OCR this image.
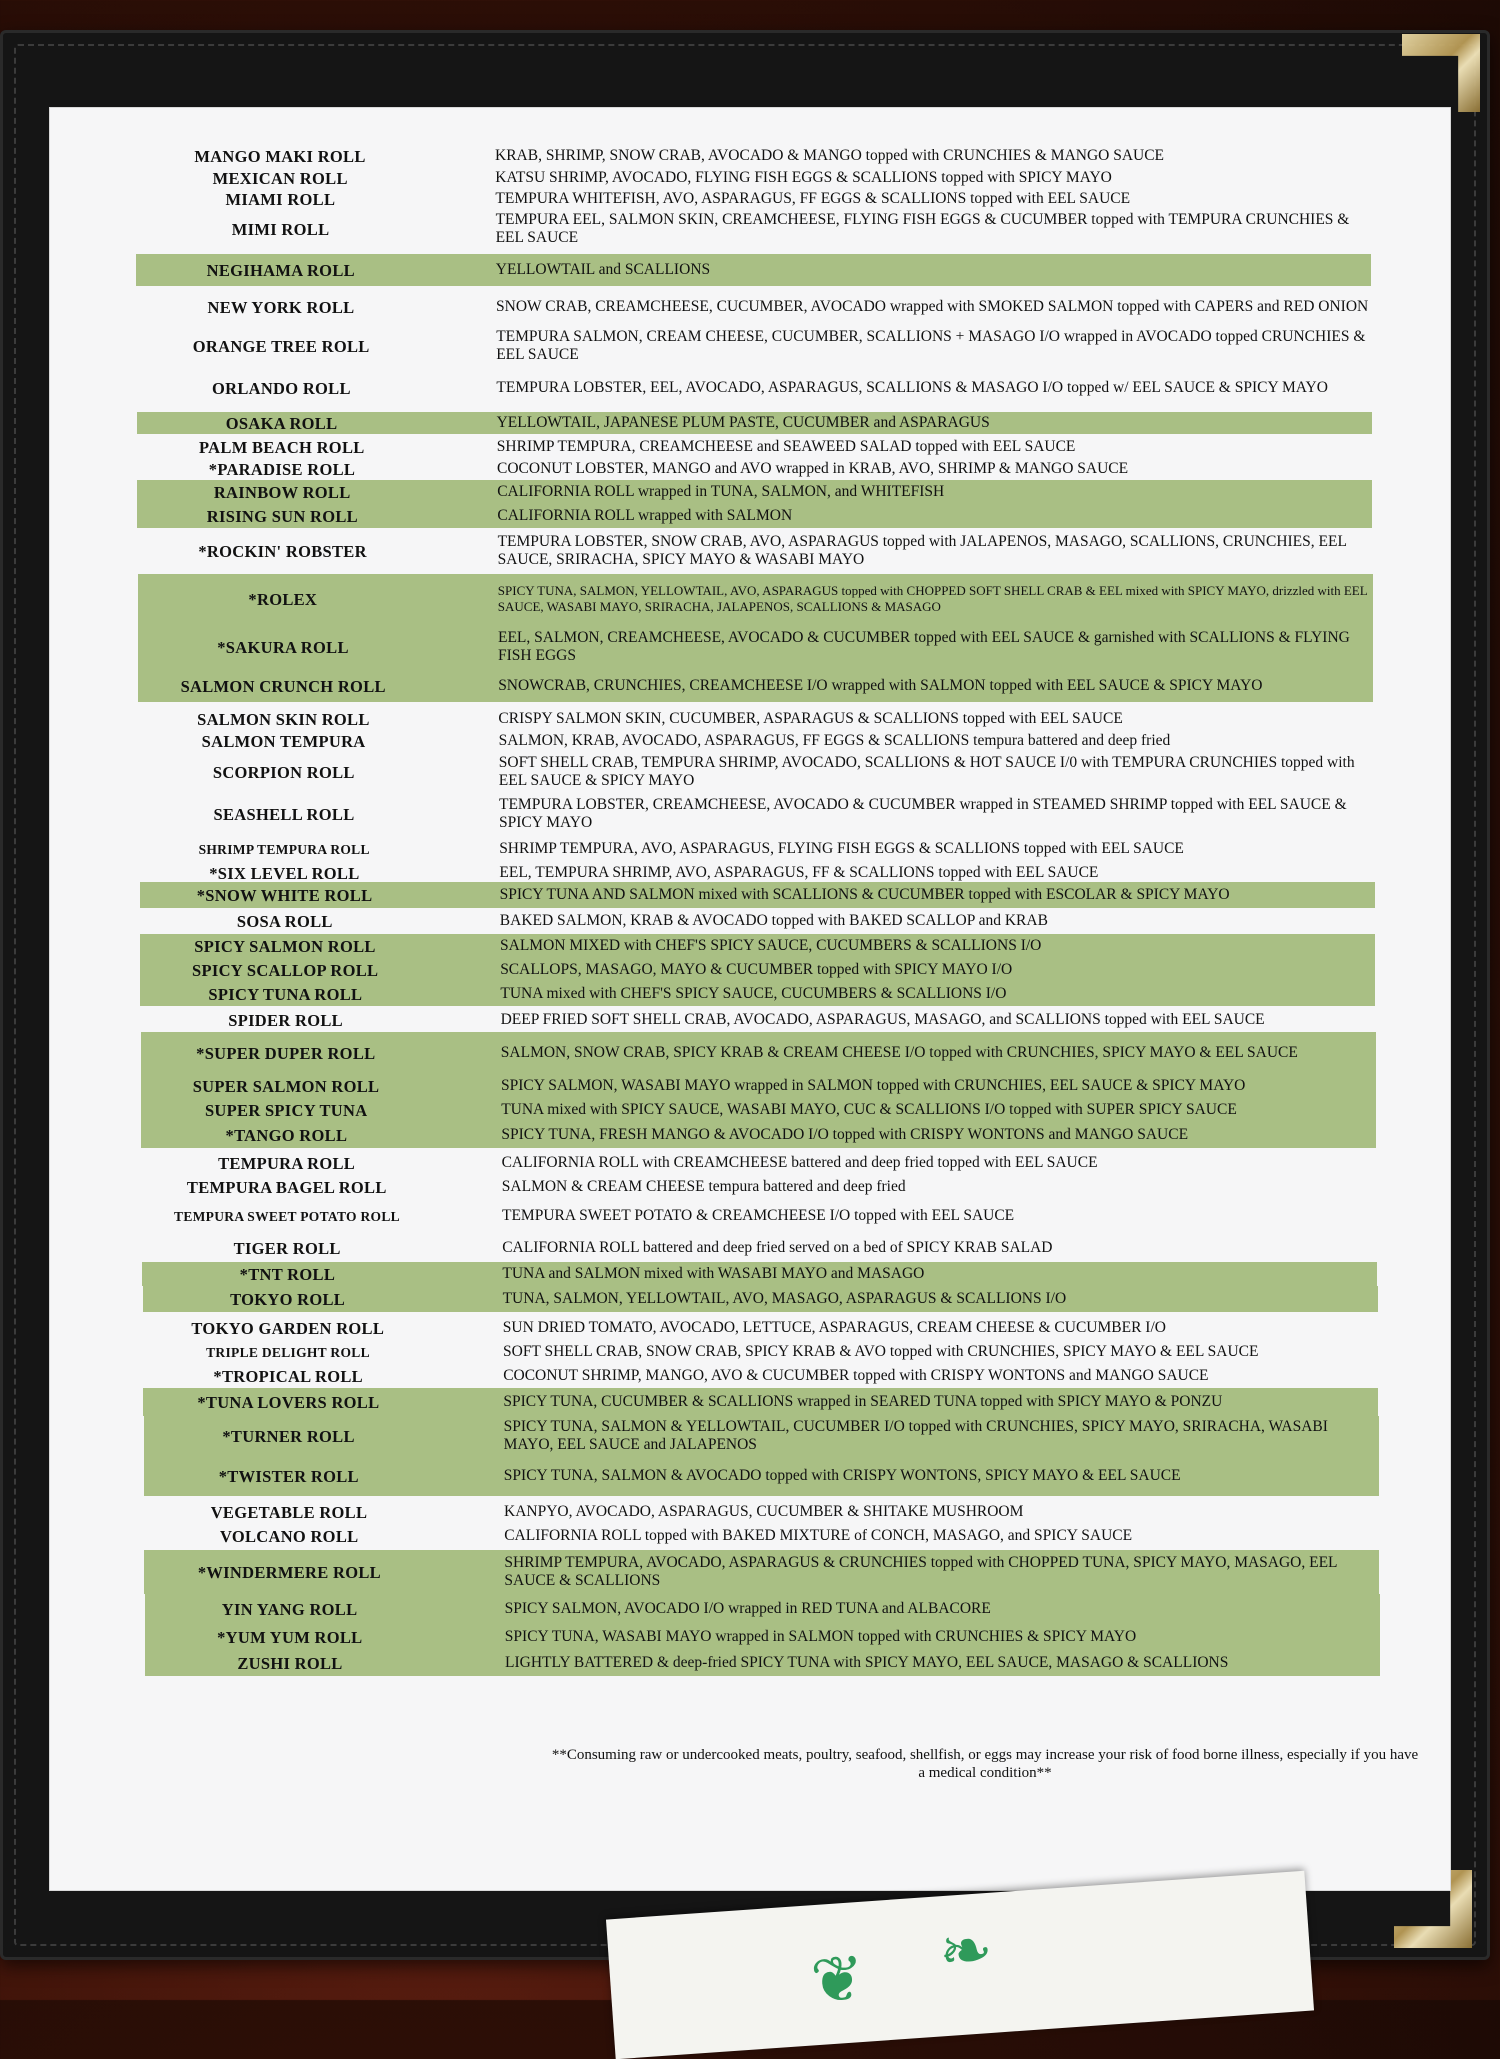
MANGO MAKI ROLL	KRAB, SHRIMP, SNOW CRAB, AVOCADO & MANGO topped with CRUNCHIES & MANGO SAUCE
MEXICAN ROLL	KATSU SHRIMP, AVOCADO, FLYING FISH EGGS & SCALLIONS topped with SPICY MAYO
MIAMI ROLL	TEMPURA WHITEFISH, AVO, ASPARAGUS, FF EGGS & SCALLIONS topped with EEL SAUCE
MIMI ROLL	TEMPURA EEL, SALMON SKIN, CREAMCHEESE, FLYING FISH EGGS & CUCUMBER topped with TEMPURA CRUNCHIES & EEL SAUCE
NEGIHAMA ROLL	YELLOWTAIL and SCALLIONS
NEW YORK ROLL	SNOW CRAB, CREAMCHEESE, CUCUMBER, AVOCADO wrapped with SMOKED SALMON topped with CAPERS and RED ONION
ORANGE TREE ROLL	TEMPURA SALMON, CREAM CHEESE, CUCUMBER, SCALLIONS + MASAGO I/O wrapped in AVOCADO topped CRUNCHIES & EEL SAUCE
ORLANDO ROLL	TEMPURA LOBSTER, EEL, AVOCADO, ASPARAGUS, SCALLIONS & MASAGO I/O topped w/ EEL SAUCE & SPICY MAYO
OSAKA ROLL	YELLOWTAIL, JAPANESE PLUM PASTE, CUCUMBER and ASPARAGUS
PALM BEACH ROLL	SHRIMP TEMPURA, CREAMCHEESE and SEAWEED SALAD topped with EEL SAUCE
*PARADISE ROLL	COCONUT LOBSTER, MANGO and AVO wrapped in KRAB, AVO, SHRIMP & MANGO SAUCE
RAINBOW ROLL	CALIFORNIA ROLL wrapped in TUNA, SALMON, and WHITEFISH
RISING SUN ROLL	CALIFORNIA ROLL wrapped with SALMON
*ROCKIN' ROBSTER	TEMPURA LOBSTER, SNOW CRAB, AVO, ASPARAGUS topped with JALAPENOS, MASAGO, SCALLIONS, CRUNCHIES, EEL SAUCE, SRIRACHA, SPICY MAYO & WASABI MAYO
*ROLEX	SPICY TUNA, SALMON, YELLOWTAIL, AVO, ASPARAGUS topped with CHOPPED SOFT SHELL CRAB & EEL mixed with SPICY MAYO, drizzled with EEL SAUCE, WASABI MAYO, SRIRACHA, JALAPENOS, SCALLIONS & MASAGO
*SAKURA ROLL	EEL, SALMON, CREAMCHEESE, AVOCADO & CUCUMBER topped with EEL SAUCE & garnished with SCALLIONS & FLYING FISH EGGS
SALMON CRUNCH ROLL	SNOWCRAB, CRUNCHIES, CREAMCHEESE I/O wrapped with SALMON topped with EEL SAUCE & SPICY MAYO
SALMON SKIN ROLL	CRISPY SALMON SKIN, CUCUMBER, ASPARAGUS & SCALLIONS topped with EEL SAUCE
SALMON TEMPURA	SALMON, KRAB, AVOCADO, ASPARAGUS, FF EGGS & SCALLIONS tempura battered and deep fried
SCORPION ROLL	SOFT SHELL CRAB, TEMPURA SHRIMP, AVOCADO, SCALLIONS & HOT SAUCE I/0 with TEMPURA CRUNCHIES topped with EEL SAUCE & SPICY MAYO
SEASHELL ROLL	TEMPURA LOBSTER, CREAMCHEESE, AVOCADO & CUCUMBER wrapped in STEAMED SHRIMP topped with EEL SAUCE & SPICY MAYO
SHRIMP TEMPURA ROLL	SHRIMP TEMPURA, AVO, ASPARAGUS, FLYING FISH EGGS & SCALLIONS topped with EEL SAUCE
*SIX LEVEL ROLL	EEL, TEMPURA SHRIMP, AVO, ASPARAGUS, FF & SCALLIONS topped with EEL SAUCE
*SNOW WHITE ROLL	SPICY TUNA AND SALMON mixed with SCALLIONS & CUCUMBER topped with ESCOLAR & SPICY MAYO
SOSA ROLL	BAKED SALMON, KRAB & AVOCADO topped with BAKED SCALLOP and KRAB
SPICY SALMON ROLL	SALMON MIXED with CHEF'S SPICY SAUCE, CUCUMBERS & SCALLIONS I/O
SPICY SCALLOP ROLL	SCALLOPS, MASAGO, MAYO & CUCUMBER topped with SPICY MAYO I/O
SPICY TUNA ROLL	TUNA mixed with CHEF'S SPICY SAUCE, CUCUMBERS & SCALLIONS I/O
SPIDER ROLL	DEEP FRIED SOFT SHELL CRAB, AVOCADO, ASPARAGUS, MASAGO, and SCALLIONS topped with EEL SAUCE
*SUPER DUPER ROLL	SALMON, SNOW CRAB, SPICY KRAB & CREAM CHEESE I/O topped with CRUNCHIES, SPICY MAYO & EEL SAUCE
SUPER SALMON ROLL	SPICY SALMON, WASABI MAYO wrapped in SALMON topped with CRUNCHIES, EEL SAUCE & SPICY MAYO
SUPER SPICY TUNA	TUNA mixed with SPICY SAUCE, WASABI MAYO, CUC & SCALLIONS I/O topped with SUPER SPICY SAUCE
*TANGO ROLL	SPICY TUNA, FRESH MANGO & AVOCADO I/O topped with CRISPY WONTONS and MANGO SAUCE
TEMPURA ROLL	CALIFORNIA ROLL with CREAMCHEESE battered and deep fried topped with EEL SAUCE
TEMPURA BAGEL ROLL	SALMON & CREAM CHEESE tempura battered and deep fried
TEMPURA SWEET POTATO ROLL	TEMPURA SWEET POTATO & CREAMCHEESE I/O topped with EEL SAUCE
TIGER ROLL	CALIFORNIA ROLL battered and deep fried served on a bed of SPICY KRAB SALAD
*TNT ROLL	TUNA and SALMON mixed with WASABI MAYO and MASAGO
TOKYO ROLL	TUNA, SALMON, YELLOWTAIL, AVO, MASAGO, ASPARAGUS & SCALLIONS I/O
TOKYO GARDEN ROLL	SUN DRIED TOMATO, AVOCADO, LETTUCE, ASPARAGUS, CREAM CHEESE & CUCUMBER I/O
TRIPLE DELIGHT ROLL	SOFT SHELL CRAB, SNOW CRAB, SPICY KRAB & AVO topped with CRUNCHIES, SPICY MAYO & EEL SAUCE
*TROPICAL ROLL	COCONUT SHRIMP, MANGO, AVO & CUCUMBER topped with CRISPY WONTONS and MANGO SAUCE
*TUNA LOVERS ROLL	SPICY TUNA, CUCUMBER & SCALLIONS wrapped in SEARED TUNA topped with SPICY MAYO & PONZU
*TURNER ROLL	SPICY TUNA, SALMON & YELLOWTAIL, CUCUMBER I/O topped with CRUNCHIES, SPICY MAYO, SRIRACHA, WASABI MAYO, EEL SAUCE and JALAPENOS
*TWISTER ROLL	SPICY TUNA, SALMON & AVOCADO topped with CRISPY WONTONS, SPICY MAYO & EEL SAUCE
VEGETABLE ROLL	KANPYO, AVOCADO, ASPARAGUS, CUCUMBER & SHITAKE MUSHROOM
VOLCANO ROLL	CALIFORNIA ROLL topped with BAKED MIXTURE of CONCH, MASAGO, and SPICY SAUCE
*WINDERMERE ROLL	SHRIMP TEMPURA, AVOCADO, ASPARAGUS & CRUNCHIES topped with CHOPPED TUNA, SPICY MAYO, MASAGO, EEL SAUCE & SCALLIONS
YIN YANG ROLL	SPICY SALMON, AVOCADO I/O wrapped in RED TUNA and ALBACORE
*YUM YUM ROLL	SPICY TUNA, WASABI MAYO wrapped in SALMON topped with CRUNCHIES & SPICY MAYO
ZUSHI ROLL	LIGHTLY BATTERED & deep-fried SPICY TUNA with SPICY MAYO, EEL SAUCE, MASAGO & SCALLIONS
**Consuming raw or undercooked meats, poultry, seafood, shellfish, or eggs may increase your risk of food borne illness, especially if you have a medical condition**
❦ ❧
